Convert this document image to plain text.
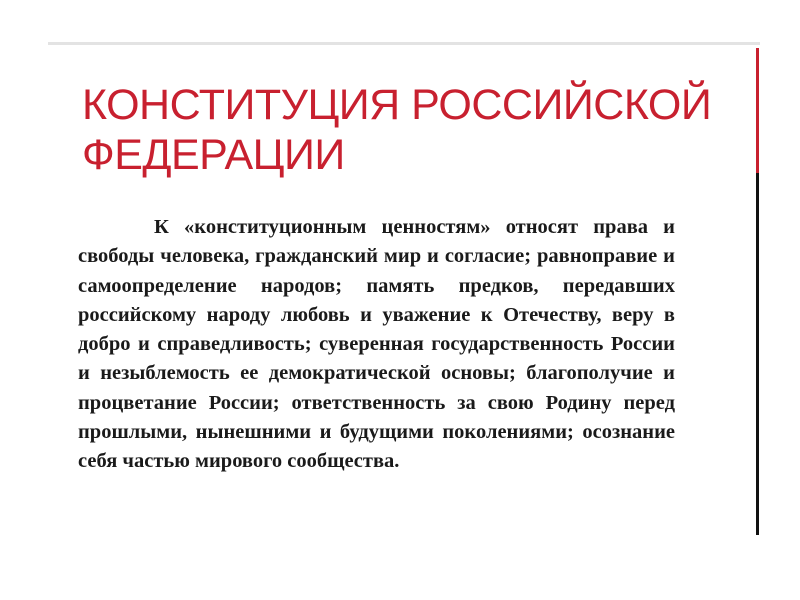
КОНСТИТУЦИЯ РОССИЙСКОЙ
ФЕДЕРАЦИИ

К «конституционным ценностям» относят права и свободы человека, гражданский мир и согласие; равноправие и самоопределение народов; память предков, передавших российскому народу любовь и уважение к Отечеству, веру в добро и справедливость; суверенная государственность России и незыблемость ее демократической основы; благополучие и процветание России; ответственность за свою Родину перед прошлыми, нынешними и будущими поколениями; осознание себя частью мирового сообщества.
